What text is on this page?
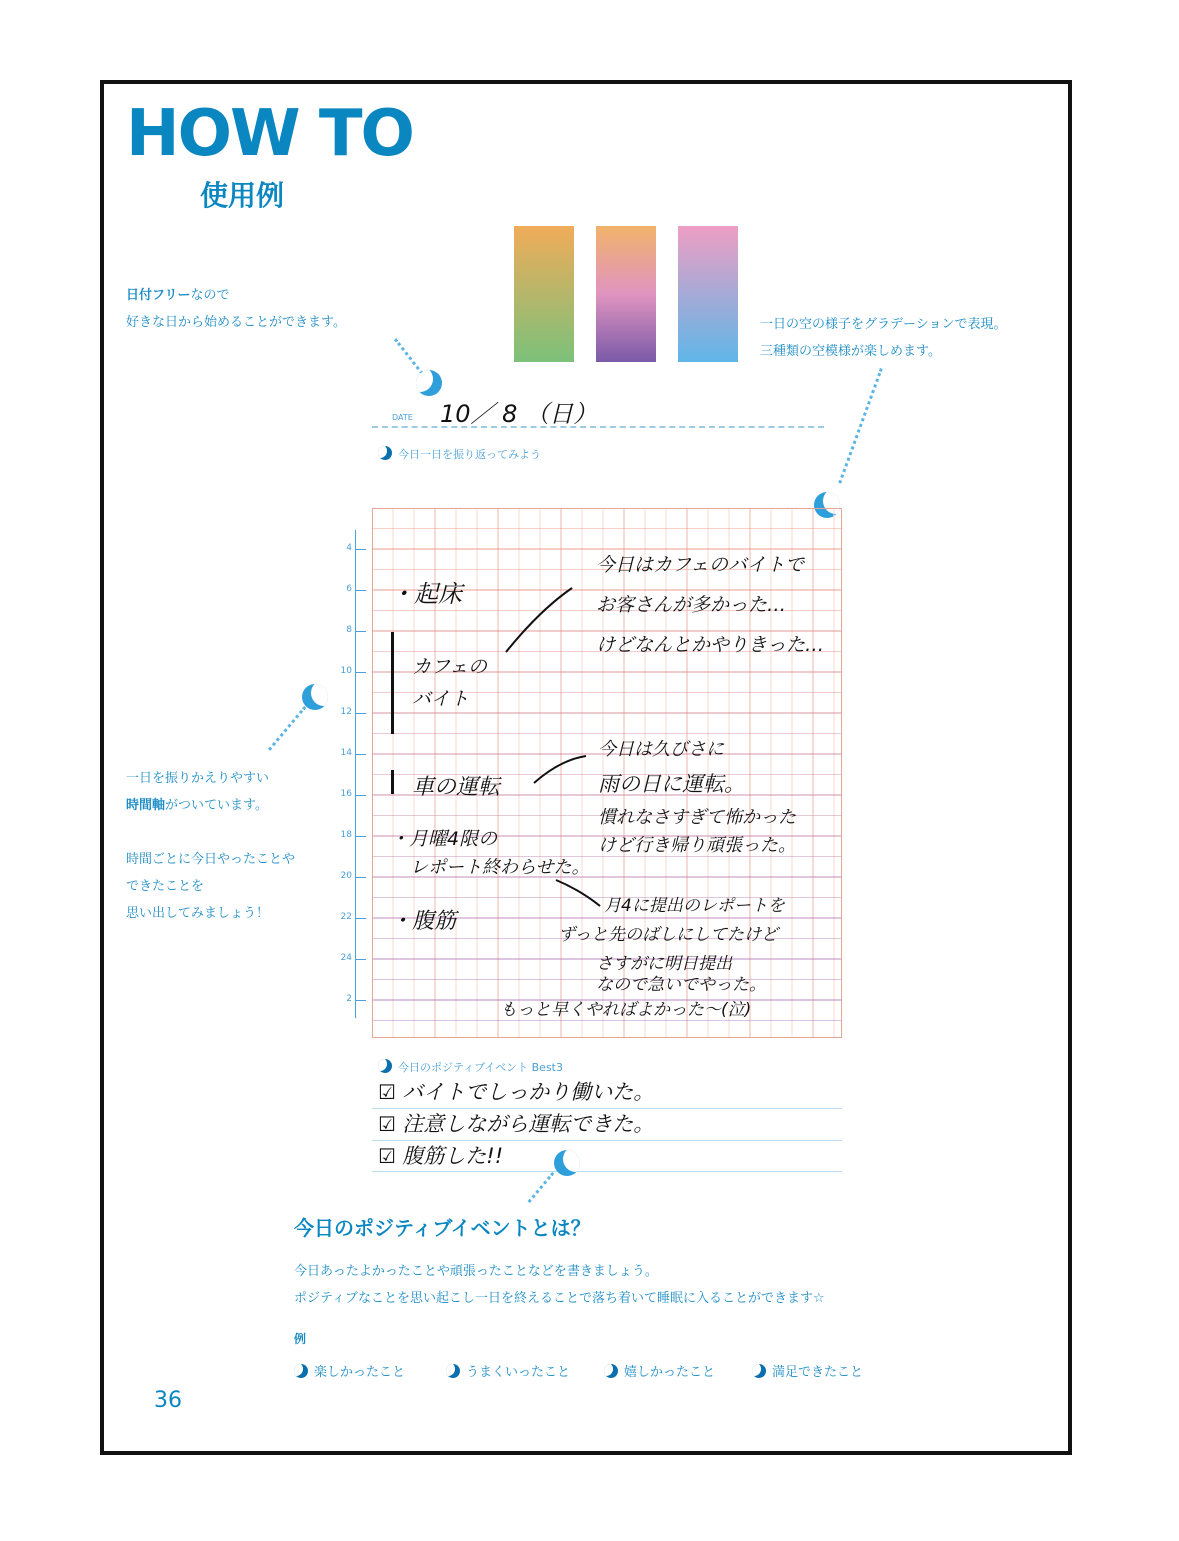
HOW TO
使用例
日付フリーなので
好きな日から始めることができます。	一日の空の様子をグラデーションで表現。
三種類の空模様が楽しめます。
DATE 10／ 8 （日）
今日一日を振り返ってみよう
一日を振りかえりやすい
時間軸がついています。
時間ごとに今日やったことや
できたことを
思い出してみましょう！
4
6
8
10
12
14
16
18
20
22
24
2
・起床
カフェの
バイト
車の運転
・月曜4限の
レポート終わらせた。
・腹筋
今日はカフェのバイトで
お客さんが多かった…
けどなんとかやりきった…
今日は久びさに
雨の日に運転。
慣れなさすぎて怖かった
けど行き帰り頑張った。
月4に提出のレポートを
ずっと先のばしにしてたけど
さすがに明日提出
なので急いでやった。
もっと早くやればよかった〜(泣)
今日のポジティブイベント Best3
☑ バイトでしっかり働いた。
☑ 注意しながら運転できた。
☑ 腹筋した!!
今日のポジティブイベントとは？
今日あったよかったことや頑張ったことなどを書きましょう。
ポジティブなことを思い起こし一日を終えることで落ち着いて睡眠に入ることができます☆
例
楽しかったこと	うまくいったこと	嬉しかったこと	満足できたこと
36
